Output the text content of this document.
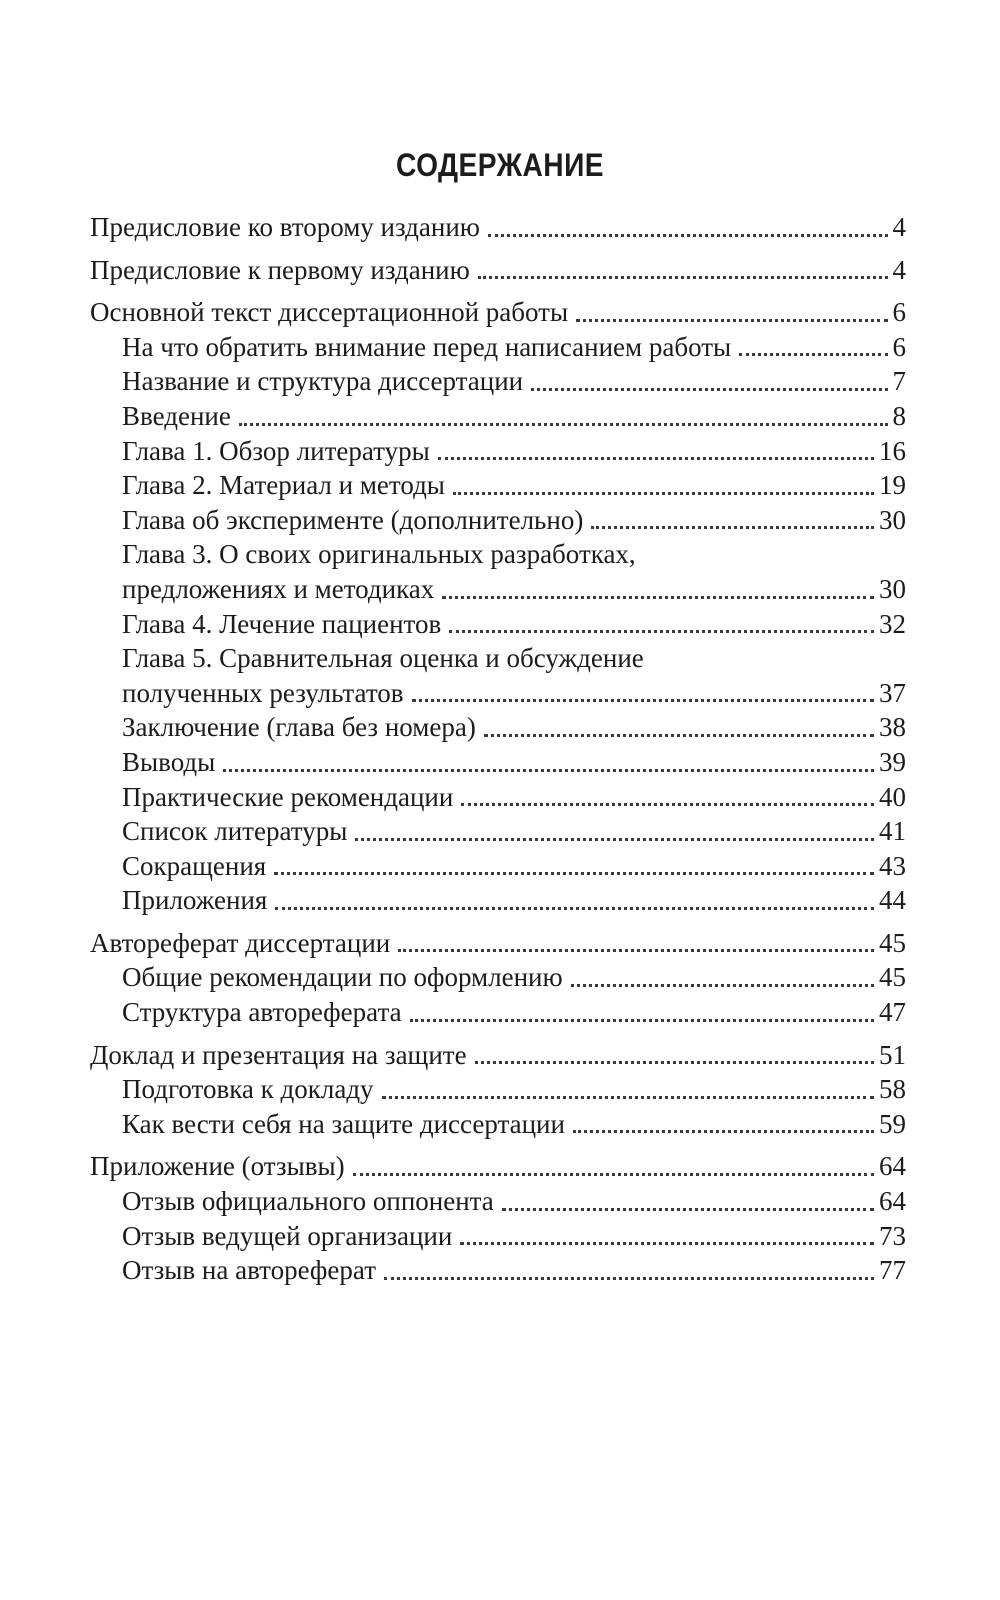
СОДЕРЖАНИЕ
Предисловие ко второму изданию	4
Предисловие к первому изданию	4
Основной текст диссертационной работы	6
На что обратить внимание перед написанием работы	6
Название и структура диссертации	7
Введение	8
Глава 1. Обзор литературы	16
Глава 2. Материал и методы	19
Глава об эксперименте (дополнительно)	30
Глава 3. О своих оригинальных разработках,
предложениях и методиках	30
Глава 4. Лечение пациентов	32
Глава 5. Сравнительная оценка и обсуждение
полученных результатов	37
Заключение (глава без номера)	38
Выводы	39
Практические рекомендации	40
Список литературы	41
Сокращения	43
Приложения	44
Автореферат диссертации	45
Общие рекомендации по оформлению	45
Структура автореферата	47
Доклад и презентация на защите	51
Подготовка к докладу	58
Как вести себя на защите диссертации	59
Приложение (отзывы)	64
Отзыв официального оппонента	64
Отзыв ведущей организации	73
Отзыв на автореферат	77
